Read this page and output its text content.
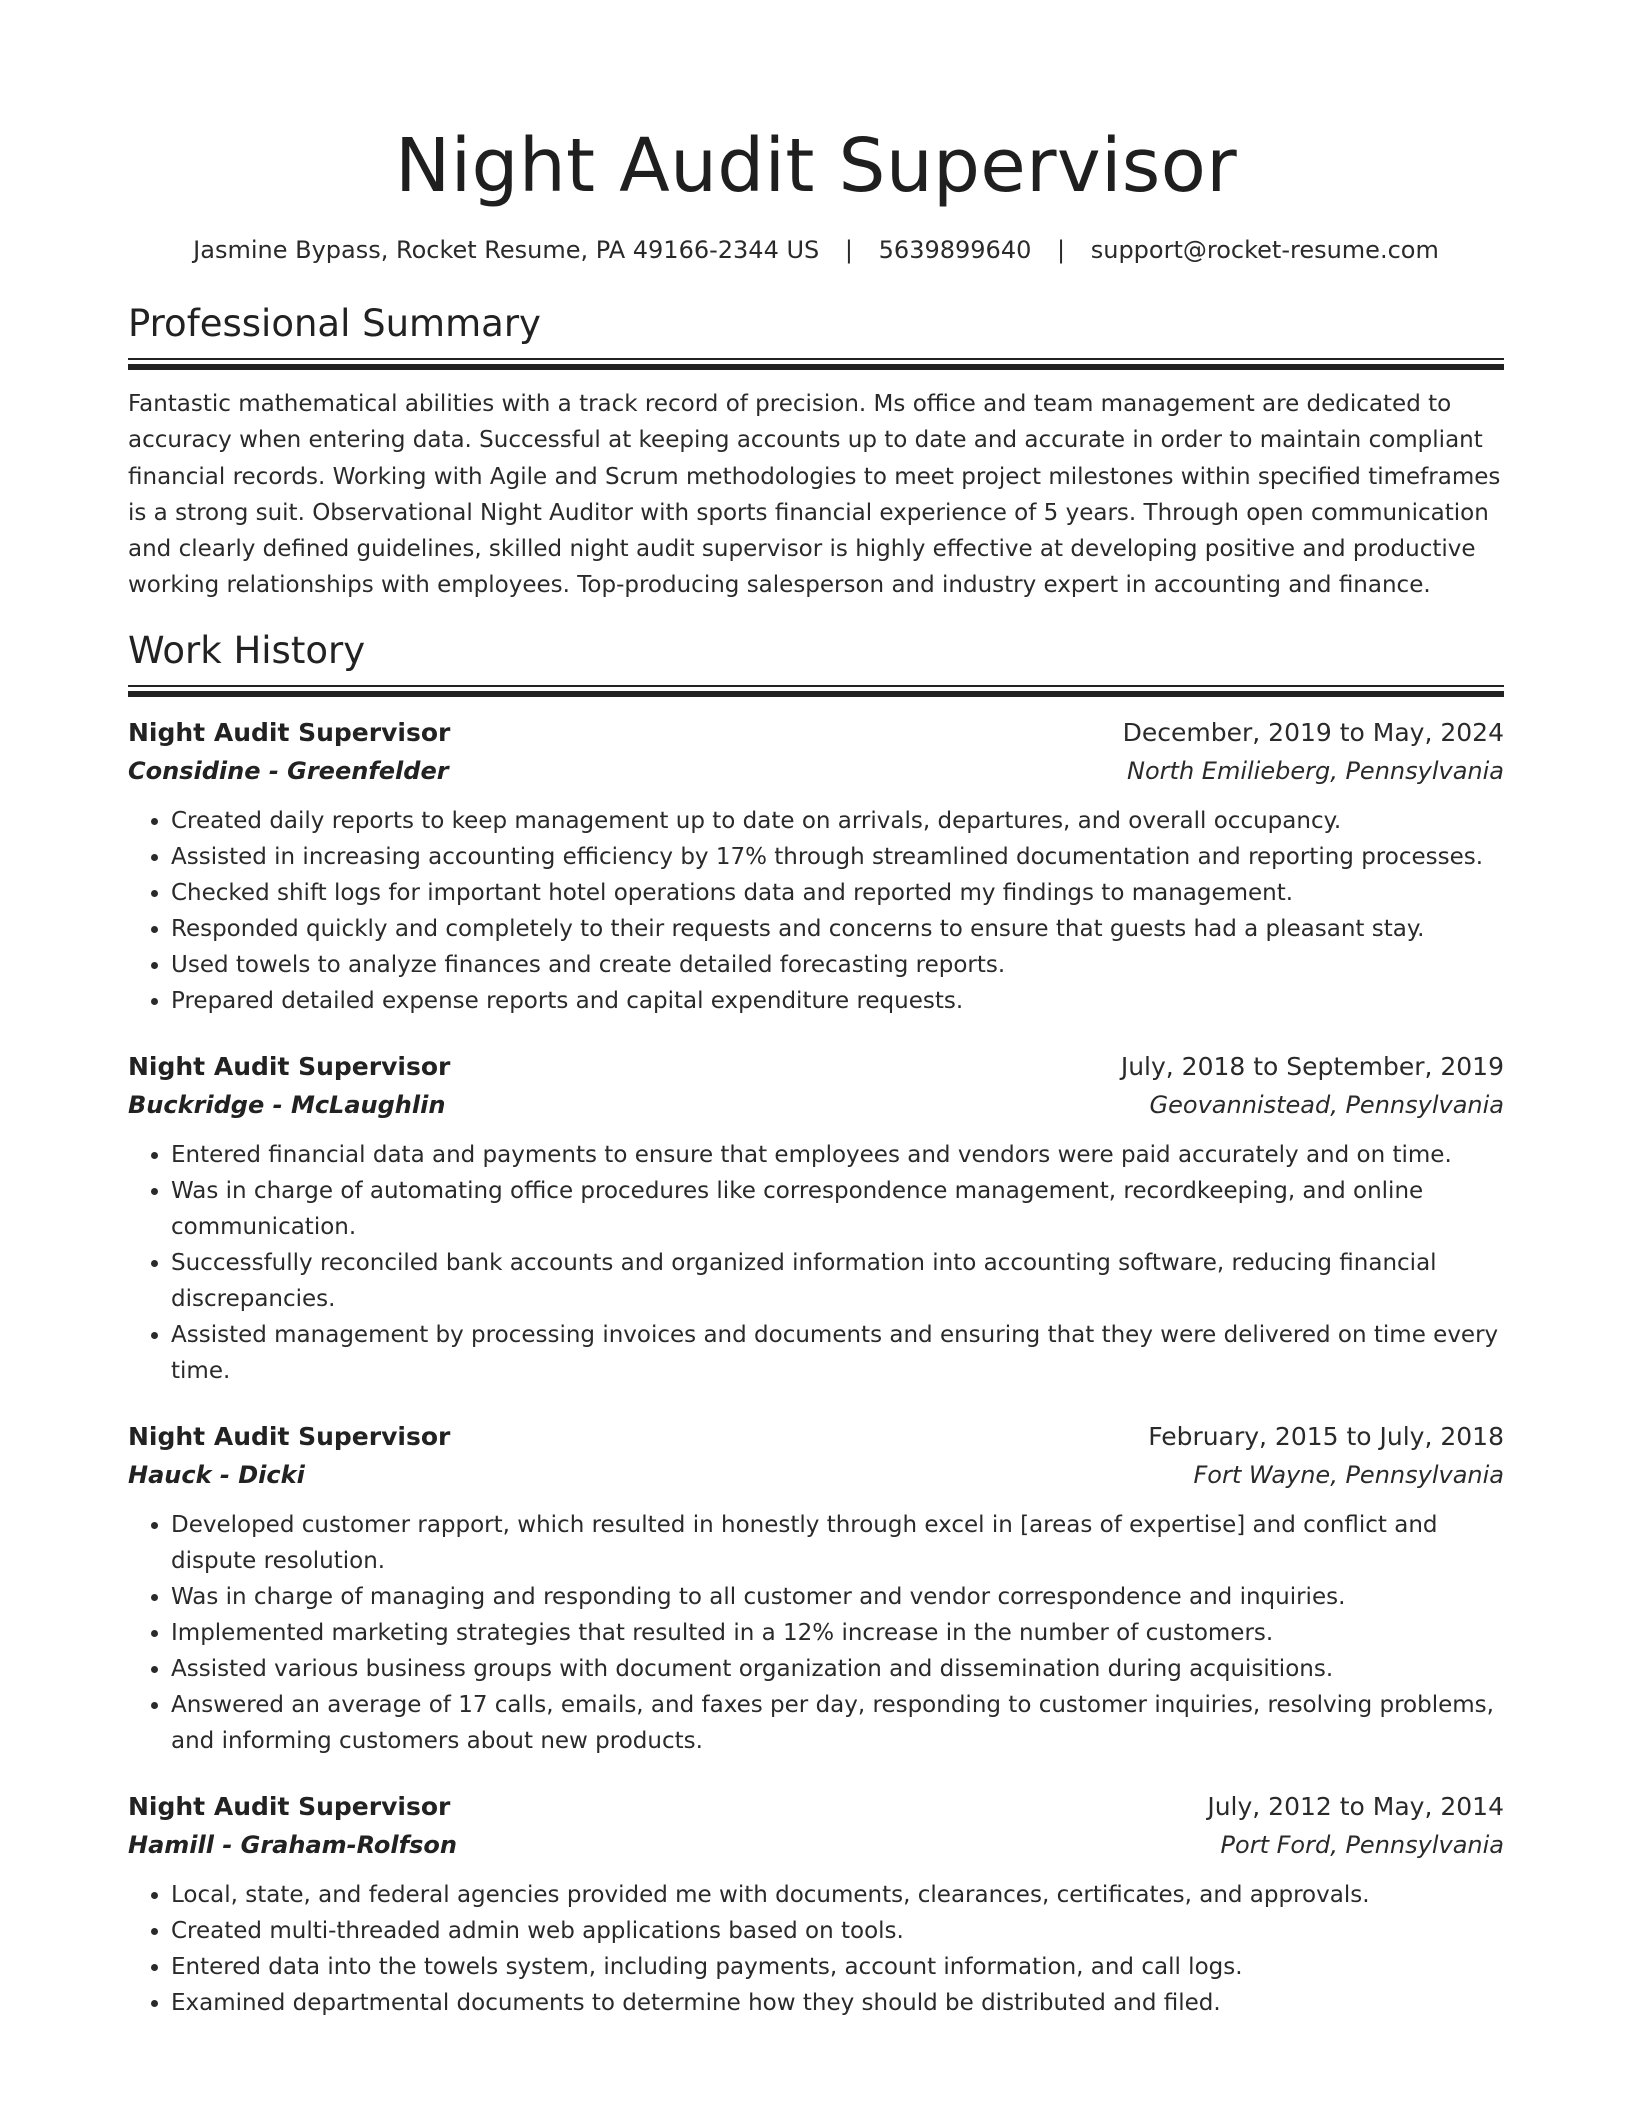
Night Audit Supervisor
Jasmine Bypass, Rocket Resume, PA 49166-2344 US | 5639899640 | support@rocket-resume.com
Professional Summary

Fantastic mathematical abilities with a track record of precision. Ms office and team management are dedicated to accuracy when entering data. Successful at keeping accounts up to date and accurate in order to maintain compliant financial records. Working with Agile and Scrum methodologies to meet project milestones within specified timeframes is a strong suit. Observational Night Auditor with sports financial experience of 5 years. Through open communication and clearly defined guidelines, skilled night audit supervisor is highly effective at developing positive and productive working relationships with employees. Top-producing salesperson and industry expert in accounting and finance.

Work History
Night Audit Supervisor	December, 2019 to May, 2024
Considine - Greenfelder	North Emilieberg, Pennsylvania
• Created daily reports to keep management up to date on arrivals, departures, and overall occupancy.
• Assisted in increasing accounting efficiency by 17% through streamlined documentation and reporting processes.
• Checked shift logs for important hotel operations data and reported my findings to management.
• Responded quickly and completely to their requests and concerns to ensure that guests had a pleasant stay.
• Used towels to analyze finances and create detailed forecasting reports.
• Prepared detailed expense reports and capital expenditure requests.
Night Audit Supervisor	July, 2018 to September, 2019
Buckridge - McLaughlin	Geovannistead, Pennsylvania
• Entered financial data and payments to ensure that employees and vendors were paid accurately and on time.
• Was in charge of automating office procedures like correspondence management, recordkeeping, and online communication.
• Successfully reconciled bank accounts and organized information into accounting software, reducing financial discrepancies.
• Assisted management by processing invoices and documents and ensuring that they were delivered on time every time.
Night Audit Supervisor	February, 2015 to July, 2018
Hauck - Dicki	Fort Wayne, Pennsylvania
• Developed customer rapport, which resulted in honestly through excel in [areas of expertise] and conflict and dispute resolution.
• Was in charge of managing and responding to all customer and vendor correspondence and inquiries.
• Implemented marketing strategies that resulted in a 12% increase in the number of customers.
• Assisted various business groups with document organization and dissemination during acquisitions.
• Answered an average of 17 calls, emails, and faxes per day, responding to customer inquiries, resolving problems, and informing customers about new products.
Night Audit Supervisor	July, 2012 to May, 2014
Hamill - Graham-Rolfson	Port Ford, Pennsylvania
• Local, state, and federal agencies provided me with documents, clearances, certificates, and approvals.
• Created multi-threaded admin web applications based on tools.
• Entered data into the towels system, including payments, account information, and call logs.
• Examined departmental documents to determine how they should be distributed and filed.
